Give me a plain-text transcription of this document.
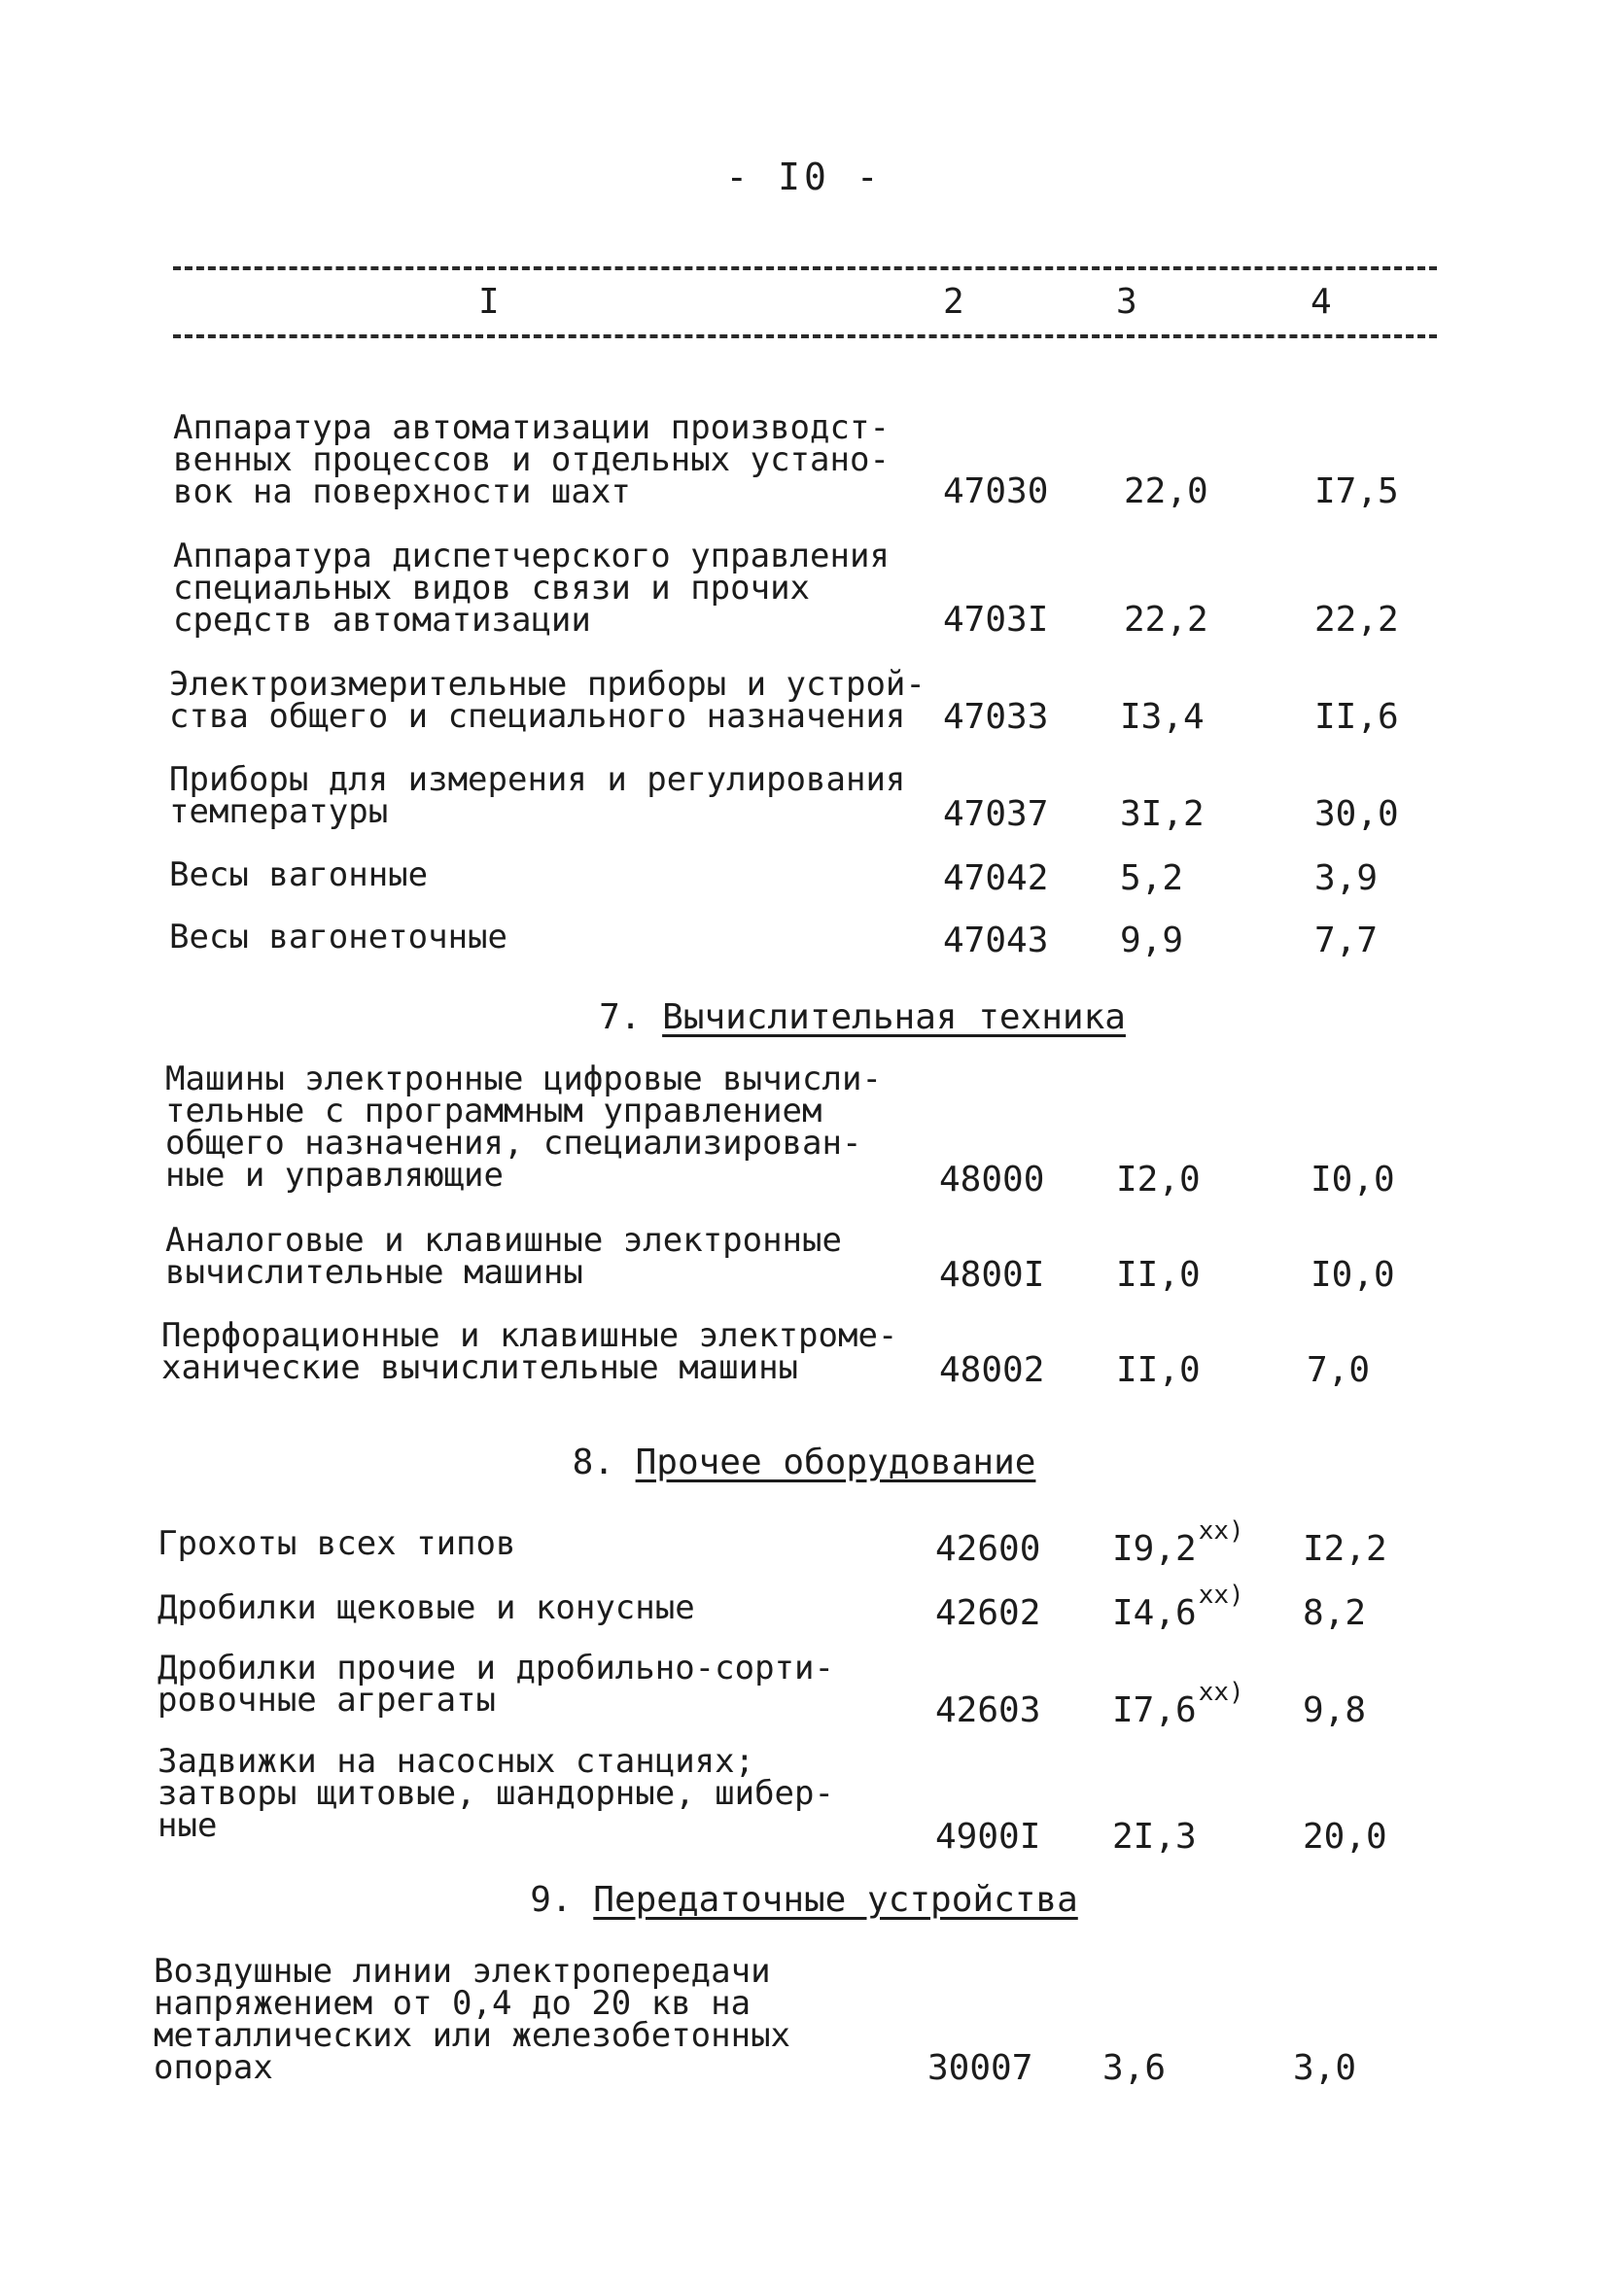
- I0 -
I	2	3	4
Аппаратура автоматизации производст-
венных процессов и отдельных устано-
вок на поверхности шахт	47030 22,0	I7,5
Аппаратура диспетчерского управления
специальных видов связи и прочих
средств автоматизации	4703I 22,2	22,2
Электроизмерительные приборы и устрой-
ства общего и специального назначения	47033 I3,4	II,6
Приборы для измерения и регулирования
температуры	47037 3I,2	30,0
Весы вагонные	47042 5,2	3,9
Весы вагонеточные	47043 9,9	7,7
7. Вычислительная техника
Машины электронные цифровые вычисли-
тельные с программным управлением
общего назначения, специализирован-
ные и управляющие	48000 I2,0	I0,0
Аналоговые и клавишные электронные
вычислительные машины	4800I II,0	I0,0
Перфорационные и клавишные электроме-
ханические вычислительные машины	48002 II,0	7,0
8. Прочее оборудование
Грохоты всех типов	42600 I9,2$^{xx)}$ I2,2
Дробилки щековые и конусные	42602 I4,6$^{xx)}$ 8,2
Дробилки прочие и дробильно-сорти-
ровочные агрегаты	42603 I7,6$^{xx)}$ 9,8
Задвижки на насосных станциях;
затворы щитовые, шандорные, шибер-
ные	4900I 2I,3	20,0
9. Передаточные устройства
Воздушные линии электропередачи
напряжением от 0,4 до 20 кв на
металлических или железобетонных
опорах	30007 3,6	3,0
